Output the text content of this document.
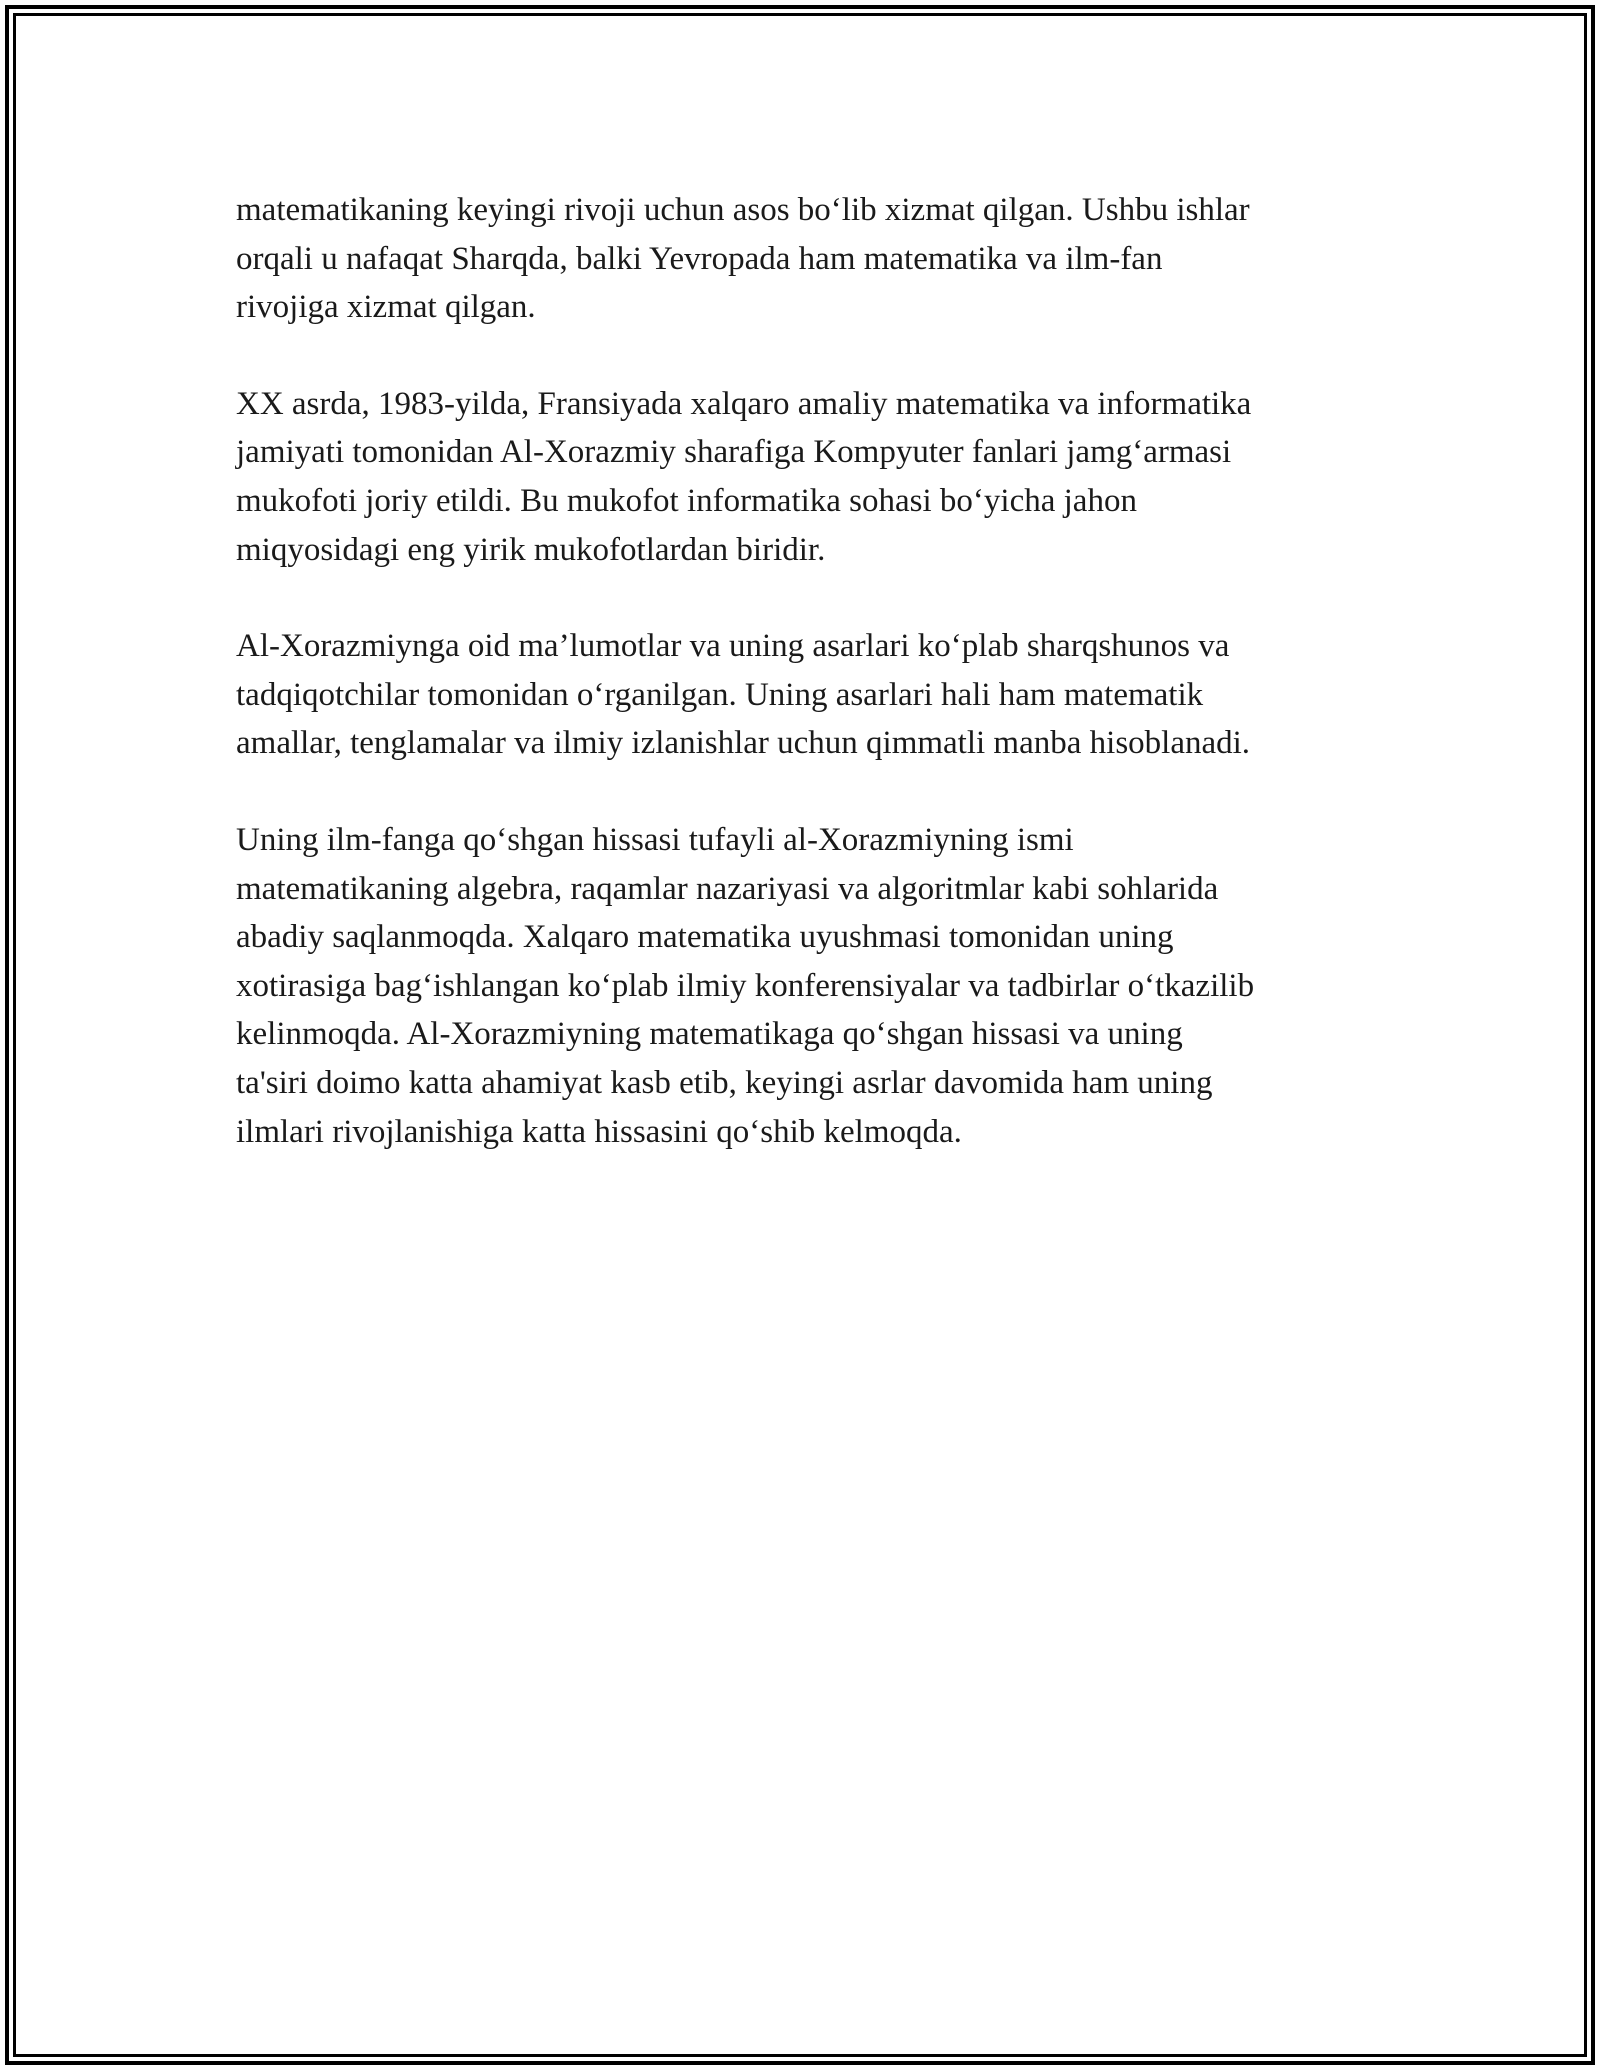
matematikaning keyingi rivoji uchun asos bo‘lib xizmat qilgan. Ushbu ishlar
orqali u nafaqat Sharqda, balki Yevropada ham matematika va ilm-fan
rivojiga xizmat qilgan.

XX asrda, 1983-yilda, Fransiyada xalqaro amaliy matematika va informatika
jamiyati tomonidan Al-Xorazmiy sharafiga Kompyuter fanlari jamg‘armasi
mukofoti joriy etildi. Bu mukofot informatika sohasi bo‘yicha jahon
miqyosidagi eng yirik mukofotlardan biridir.

Al-Xorazmiynga oid ma’lumotlar va uning asarlari ko‘plab sharqshunos va
tadqiqotchilar tomonidan o‘rganilgan. Uning asarlari hali ham matematik
amallar, tenglamalar va ilmiy izlanishlar uchun qimmatli manba hisoblanadi.

Uning ilm-fanga qo‘shgan hissasi tufayli al-Xorazmiyning ismi
matematikaning algebra, raqamlar nazariyasi va algoritmlar kabi sohlarida
abadiy saqlanmoqda. Xalqaro matematika uyushmasi tomonidan uning
xotirasiga bag‘ishlangan ko‘plab ilmiy konferensiyalar va tadbirlar o‘tkazilib
kelinmoqda. Al-Xorazmiyning matematikaga qo‘shgan hissasi va uning
ta'siri doimo katta ahamiyat kasb etib, keyingi asrlar davomida ham uning
ilmlari rivojlanishiga katta hissasini qo‘shib kelmoqda.
